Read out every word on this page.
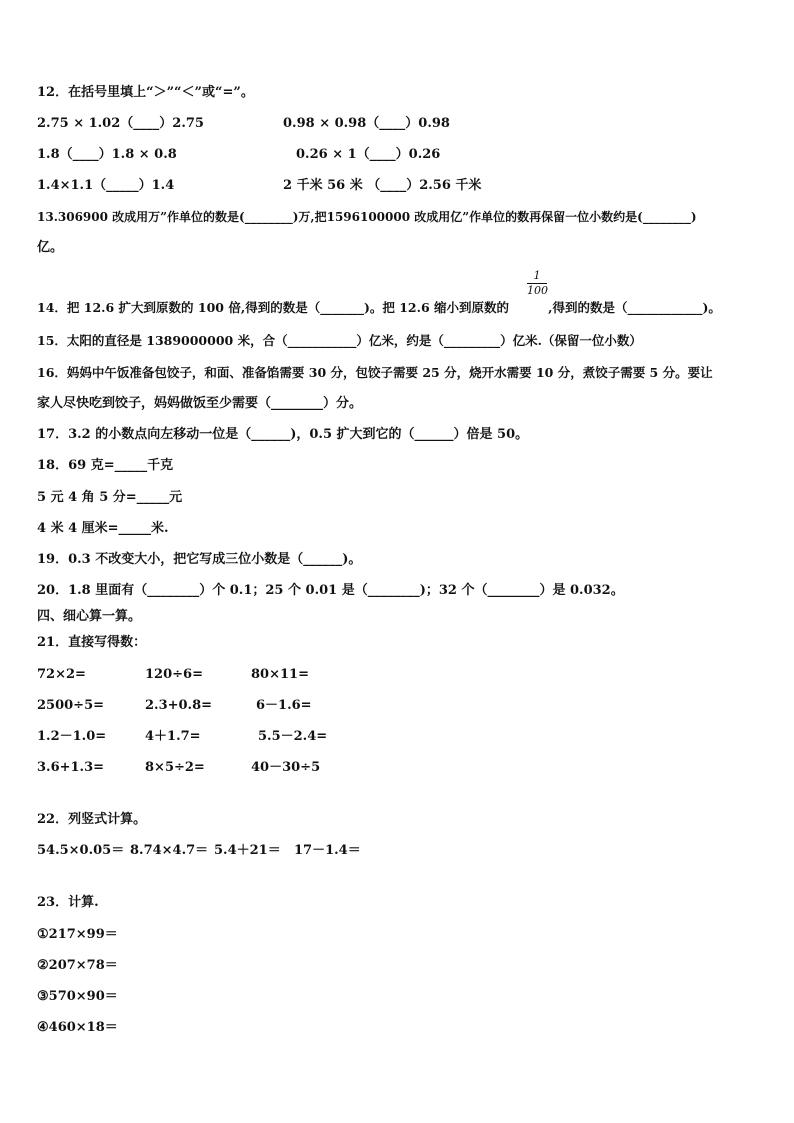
12．在括号里填上“＞”“＜”或“=”。
2.75 × 1.02（____）2.75	0.98 × 0.98（____）0.98
1.8（____）1.8 × 0.8	0.26 × 1（____）0.26
1.4×1.1（_____）1.4	2 千米 56 米 （____）2.56 千米
13.306900 改成用万”作单位的数是(________)万,把1596100000 改成用亿”作单位的数再保留一位小数约是(________)
亿。
14．把 12.6 扩大到原数的 100 倍,得到的数是（_______)。把 12.6 缩小到原数的         ,得到的数是（____________)。
1
100
15．太阳的直径是 1389000000 米，合（___________）亿米，约是（_________）亿米.（保留一位小数）
16．妈妈中午饭准备包饺子，和面、准备馅需要 30 分，包饺子需要 25 分，烧开水需要 10 分，煮饺子需要 5 分。要让
家人尽快吃到饺子，妈妈做饭至少需要（________）分。
17．3.2 的小数点向左移动一位是（______)，0.5 扩大到它的（______）倍是 50。
18．69 克=_____千克
5 元 4 角 5 分=_____元
4 米 4 厘米=_____米.
19．0.3 不改变大小，把它写成三位小数是（______)。
20．1.8 里面有（________）个 0.1；25 个 0.01 是（________)；32 个（________）是 0.032。
四、细心算一算。
21．直接写得数：
72×2=	120÷6=	80×11=
2500÷5=	2.3+0.8=	6－1.6=
1.2－1.0=	4＋1.7=	5.5－2.4=
3.6+1.3=	8×5÷2=	40－30÷5
22．列竖式计算。
54.5×0.05＝ 8.74×4.7＝ 5.4＋21＝ 17－1.4＝
23．计算.
①217×99＝
②207×78＝
③570×90＝
④460×18＝
